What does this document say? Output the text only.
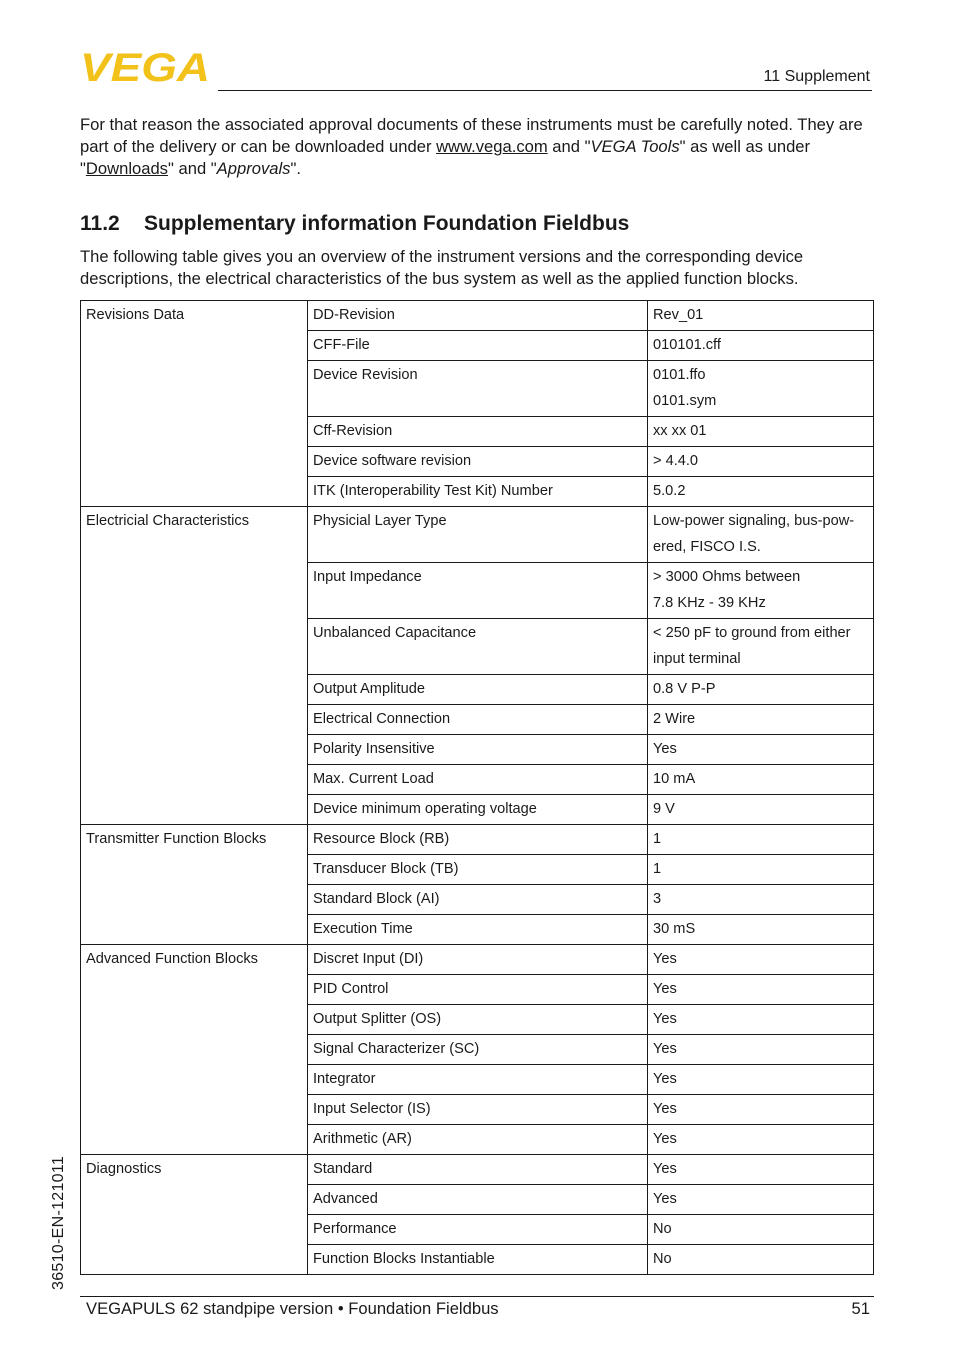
VEGA	11 Supplement

For that reason the associated approval documents of these instruments must be carefully noted. They are part of the delivery or can be downloaded under www.vega.com and "VEGA Tools" as well as under "Downloads" and "Approvals".

11.2 Supplementary information Foundation Fieldbus

The following table gives you an overview of the instrument versions and the corresponding device descriptions, the electrical characteristics of the bus system as well as the applied function blocks.

Revisions Data	DD-Revision	Rev_01

	CFF-File	010101.cff

	Device Revision	0101.ffo
0101.sym

	Cff-Revision	xx xx 01

	Device software revision	> 4.4.0

	ITK (Interoperability Test Kit) Number	5.0.2

Electricial Characteristics	Physicial Layer Type	Low-power signaling, bus-pow-
ered, FISCO I.S.

	Input Impedance	> 3000 Ohms between
7.8 KHz - 39 KHz

	Unbalanced Capacitance	< 250 pF to ground from either
input terminal

	Output Amplitude	0.8 V P-P

	Electrical Connection	2 Wire

	Polarity Insensitive	Yes

	Max. Current Load	10 mA

	Device minimum operating voltage	9 V

Transmitter Function Blocks	Resource Block (RB)	1

	Transducer Block (TB)	1

	Standard Block (AI)	3

	Execution Time	30 mS

Advanced Function Blocks	Discret Input (DI)	Yes

	PID Control	Yes

	Output Splitter (OS)	Yes

	Signal Characterizer (SC)	Yes

	Integrator	Yes

	Input Selector (IS)	Yes

	Arithmetic (AR)	Yes

Diagnostics	Standard	Yes

	Advanced	Yes

	Performance	No

	Function Blocks Instantiable	No
36510-EN-121011
VEGAPULS 62 standpipe version • Foundation Fieldbus	51
